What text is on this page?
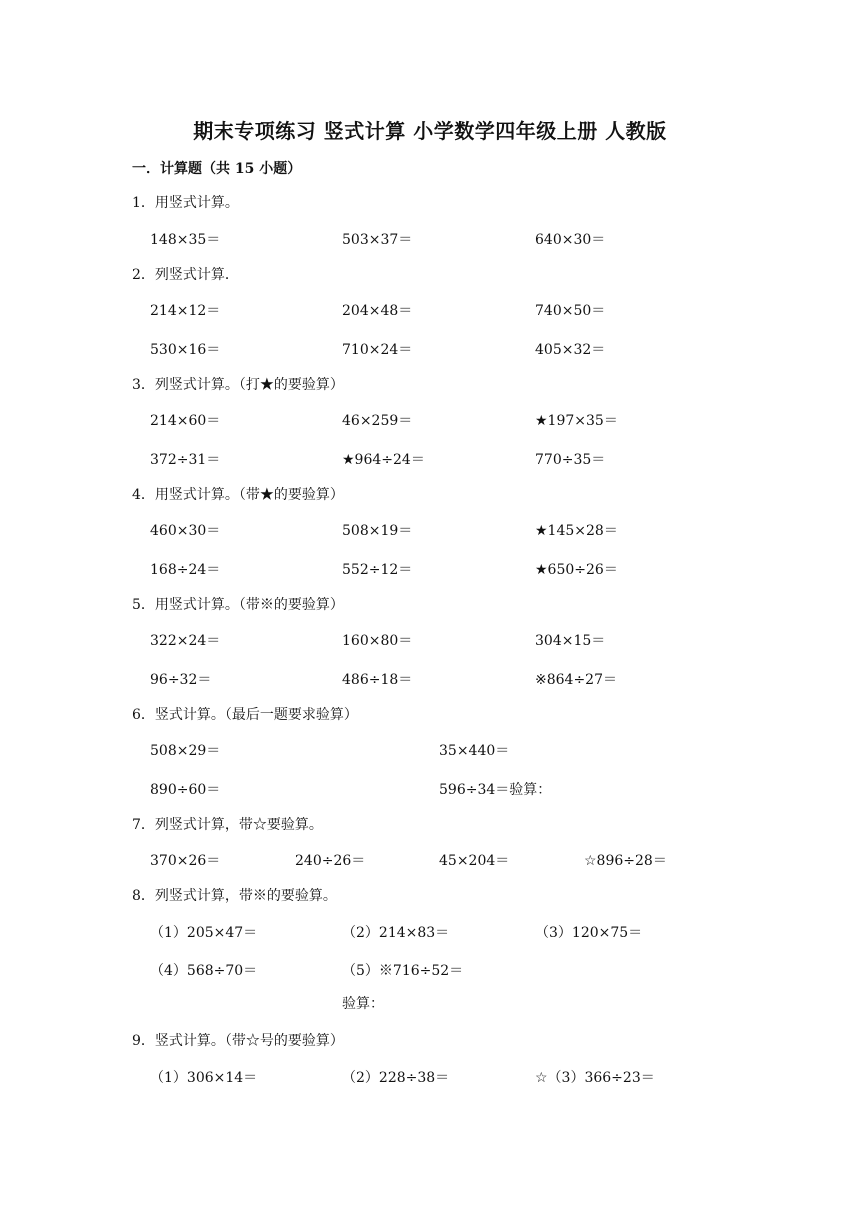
期末专项练习 竖式计算 小学数学四年级上册 人教版
一．计算题（共 15 小题）
1．用竖式计算。
148×35＝	503×37＝	640×30＝
2．列竖式计算．
214×12＝	204×48＝	740×50＝
530×16＝	710×24＝	405×32＝
3．列竖式计算。（打★的要验算）
214×60＝	46×259＝	★197×35＝
372÷31＝	★964÷24＝	770÷35＝
4．用竖式计算。（带★的要验算）
460×30＝	508×19＝	★145×28＝
168÷24＝	552÷12＝	★650÷26＝
5．用竖式计算。（带※的要验算）
322×24＝	160×80＝	304×15＝
96÷32＝	486÷18＝	※864÷27＝
6．竖式计算。（最后一题要求验算）
508×29＝	35×440＝
890÷60＝	596÷34＝验算：
7．列竖式计算，带☆要验算。
370×26＝	240÷26＝	45×204＝	☆896÷28＝
8．列竖式计算，带※的要验算。
（1）205×47＝	（2）214×83＝	（3）120×75＝
（4）568÷70＝	（5）※716÷52＝
验算：
9．竖式计算。（带☆号的要验算）
（1）306×14＝	（2）228÷38＝	☆（3）366÷23＝
